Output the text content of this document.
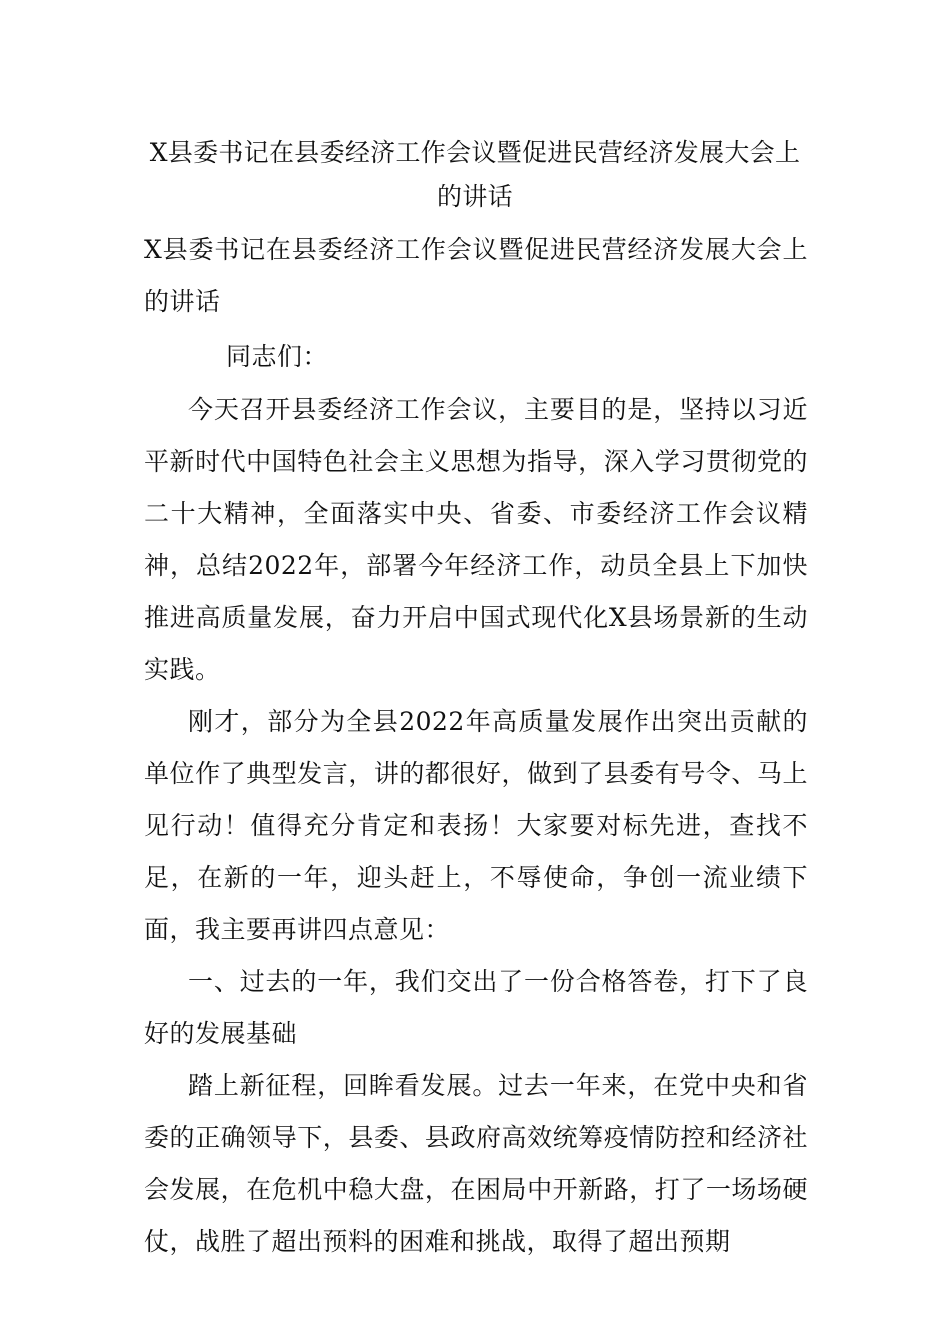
X县委书记在县委经济工作会议暨促进民营经济发展大会上的讲话

X县委书记在县委经济工作会议暨促进民营经济发展大会上的讲话

同志们：

今天召开县委经济工作会议，主要目的是，坚持以习近平新时代中国特色社会主义思想为指导，深入学习贯彻党的二十大精神，全面落实中央、省委、市委经济工作会议精神，总结2022年，部署今年经济工作，动员全县上下加快推进高质量发展，奋力开启中国式现代化X县场景新的生动实践。

刚才，部分为全县2022年高质量发展作出突出贡献的单位作了典型发言，讲的都很好，做到了县委有号令、马上见行动！值得充分肯定和表扬！大家要对标先进，查找不足，在新的一年，迎头赶上，不辱使命，争创一流业绩下面，我主要再讲四点意见：

一、过去的一年，我们交出了一份合格答卷，打下了良好的发展基础

踏上新征程，回眸看发展。过去一年来，在党中央和省委的正确领导下，县委、县政府高效统筹疫情防控和经济社会发展，在危机中稳大盘，在困局中开新路，打了一场场硬仗，战胜了超出预料的困难和挑战，取得了超出预期
